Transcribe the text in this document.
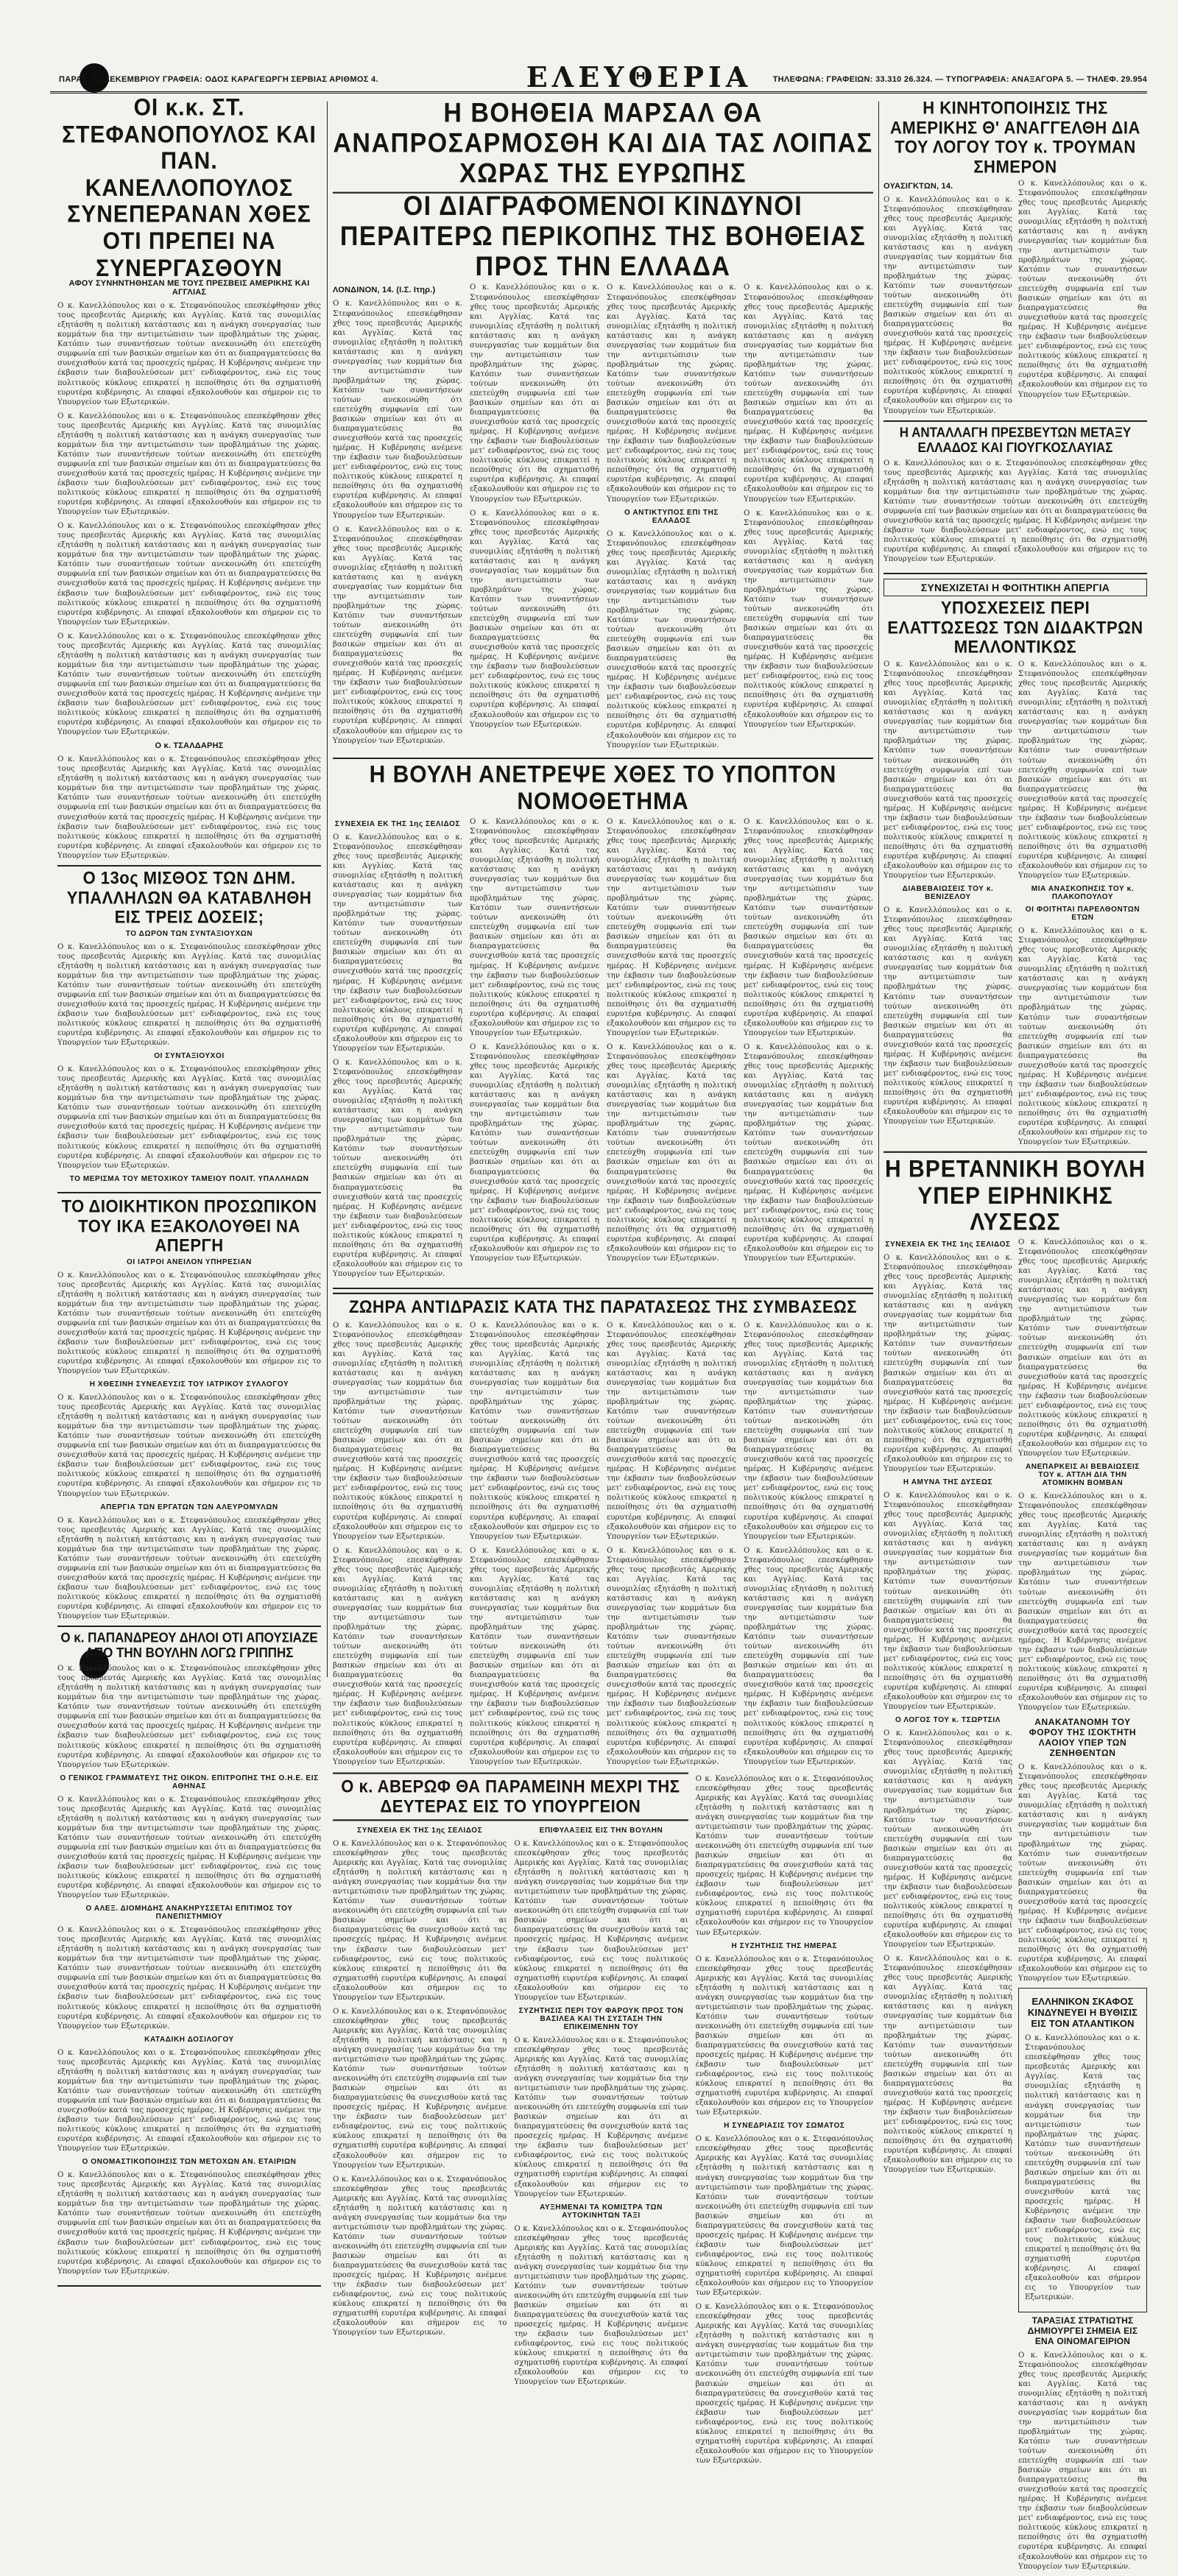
ΠΑΡΑΣ. 15 ΔΕΚΕΜΒΡΙΟΥ ΓΡΑΦΕΙΑ: ΟΔΟΣ ΚΑΡΑΓΕΩΡΓΗ ΣΕΡΒΙΑΣ ΑΡΙΘΜΟΣ 4.	ΕΛΕΥΘΕΡΙΑ	ΤΗΛΕΦΩΝΑ: ΓΡΑΦΕΙΩΝ: 33.310 26.324. — ΤΥΠΟΓΡΑΦΕΙΑ: ΑΝΑΞΑΓΟΡΑ 5. — ΤΗΛΕΦ. 29.954
ΟΙ κ.κ. ΣΤ. ΣΤΕΦΑΝΟΠΟΥΛΟΣ ΚΑΙ ΠΑΝ. ΚΑΝΕΛΛΟΠΟΥΛΟΣ ΣΥΝΕΠΕΡΑΝΑΝ ΧΘΕΣ ΟΤΙ ΠΡΕΠΕΙ ΝΑ ΣΥΝΕΡΓΑΣΘΟΥΝ
ΑΦΟΥ ΣΥΝΗΝΤΗΘΗΣΑΝ ΜΕ ΤΟΥΣ ΠΡΕΣΒΕΙΣ ΑΜΕΡΙΚΗΣ ΚΑΙ ΑΓΓΛΙΑΣ

Ο κ. Κανελλόπουλος και ο κ. Στεφανόπουλος επεσκέφθησαν χθες τους πρεσβευτάς Αμερικής και Αγγλίας. Κατά τας συνομιλίας εξητάσθη η πολιτική κατάστασις και η ανάγκη συνεργασίας των κομμάτων δια την αντιμετώπισιν των προβλημάτων της χώρας. Κατόπιν των συναντήσεων τούτων ανεκοινώθη ότι επετεύχθη συμφωνία επί των βασικών σημείων και ότι αι διαπραγματεύσεις θα συνεχισθούν κατά τας προσεχείς ημέρας. Η Κυβέρνησις ανέμενε την έκβασιν των διαβουλεύσεων μετ' ενδιαφέροντος, ενώ εις τους πολιτικούς κύκλους επικρατεί η πεποίθησις ότι θα σχηματισθή ευρυτέρα κυβέρνησις. Αι επαφαί εξακολουθούν και σήμερον εις το Υπουργείον των Εξωτερικών.

Ο κ. Κανελλόπουλος και ο κ. Στεφανόπουλος επεσκέφθησαν χθες τους πρεσβευτάς Αμερικής και Αγγλίας. Κατά τας συνομιλίας εξητάσθη η πολιτική κατάστασις και η ανάγκη συνεργασίας των κομμάτων δια την αντιμετώπισιν των προβλημάτων της χώρας. Κατόπιν των συναντήσεων τούτων ανεκοινώθη ότι επετεύχθη συμφωνία επί των βασικών σημείων και ότι αι διαπραγματεύσεις θα συνεχισθούν κατά τας προσεχείς ημέρας. Η Κυβέρνησις ανέμενε την έκβασιν των διαβουλεύσεων μετ' ενδιαφέροντος, ενώ εις τους πολιτικούς κύκλους επικρατεί η πεποίθησις ότι θα σχηματισθή ευρυτέρα κυβέρνησις. Αι επαφαί εξακολουθούν και σήμερον εις το Υπουργείον των Εξωτερικών.

Ο κ. Κανελλόπουλος και ο κ. Στεφανόπουλος επεσκέφθησαν χθες τους πρεσβευτάς Αμερικής και Αγγλίας. Κατά τας συνομιλίας εξητάσθη η πολιτική κατάστασις και η ανάγκη συνεργασίας των κομμάτων δια την αντιμετώπισιν των προβλημάτων της χώρας. Κατόπιν των συναντήσεων τούτων ανεκοινώθη ότι επετεύχθη συμφωνία επί των βασικών σημείων και ότι αι διαπραγματεύσεις θα συνεχισθούν κατά τας προσεχείς ημέρας. Η Κυβέρνησις ανέμενε την έκβασιν των διαβουλεύσεων μετ' ενδιαφέροντος, ενώ εις τους πολιτικούς κύκλους επικρατεί η πεποίθησις ότι θα σχηματισθή ευρυτέρα κυβέρνησις. Αι επαφαί εξακολουθούν και σήμερον εις το Υπουργείον των Εξωτερικών.

Ο κ. Κανελλόπουλος και ο κ. Στεφανόπουλος επεσκέφθησαν χθες τους πρεσβευτάς Αμερικής και Αγγλίας. Κατά τας συνομιλίας εξητάσθη η πολιτική κατάστασις και η ανάγκη συνεργασίας των κομμάτων δια την αντιμετώπισιν των προβλημάτων της χώρας. Κατόπιν των συναντήσεων τούτων ανεκοινώθη ότι επετεύχθη συμφωνία επί των βασικών σημείων και ότι αι διαπραγματεύσεις θα συνεχισθούν κατά τας προσεχείς ημέρας. Η Κυβέρνησις ανέμενε την έκβασιν των διαβουλεύσεων μετ' ενδιαφέροντος, ενώ εις τους πολιτικούς κύκλους επικρατεί η πεποίθησις ότι θα σχηματισθή ευρυτέρα κυβέρνησις. Αι επαφαί εξακολουθούν και σήμερον εις το Υπουργείον των Εξωτερικών.

Ο κ. ΤΣΑΛΔΑΡΗΣ

Ο κ. Κανελλόπουλος και ο κ. Στεφανόπουλος επεσκέφθησαν χθες τους πρεσβευτάς Αμερικής και Αγγλίας. Κατά τας συνομιλίας εξητάσθη η πολιτική κατάστασις και η ανάγκη συνεργασίας των κομμάτων δια την αντιμετώπισιν των προβλημάτων της χώρας. Κατόπιν των συναντήσεων τούτων ανεκοινώθη ότι επετεύχθη συμφωνία επί των βασικών σημείων και ότι αι διαπραγματεύσεις θα συνεχισθούν κατά τας προσεχείς ημέρας. Η Κυβέρνησις ανέμενε την έκβασιν των διαβουλεύσεων μετ' ενδιαφέροντος, ενώ εις τους πολιτικούς κύκλους επικρατεί η πεποίθησις ότι θα σχηματισθή ευρυτέρα κυβέρνησις. Αι επαφαί εξακολουθούν και σήμερον εις το Υπουργείον των Εξωτερικών.

Ο 13ος ΜΙΣΘΟΣ ΤΩΝ ΔΗΜ. ΥΠΑΛΛΗΛΩΝ ΘΑ ΚΑΤΑΒΛΗΘΗ ΕΙΣ ΤΡΕΙΣ ΔΟΣΕΙΣ;
ΤΟ ΔΩΡΟΝ ΤΩΝ ΣΥΝΤΑΞΙΟΥΧΩΝ

Ο κ. Κανελλόπουλος και ο κ. Στεφανόπουλος επεσκέφθησαν χθες τους πρεσβευτάς Αμερικής και Αγγλίας. Κατά τας συνομιλίας εξητάσθη η πολιτική κατάστασις και η ανάγκη συνεργασίας των κομμάτων δια την αντιμετώπισιν των προβλημάτων της χώρας. Κατόπιν των συναντήσεων τούτων ανεκοινώθη ότι επετεύχθη συμφωνία επί των βασικών σημείων και ότι αι διαπραγματεύσεις θα συνεχισθούν κατά τας προσεχείς ημέρας. Η Κυβέρνησις ανέμενε την έκβασιν των διαβουλεύσεων μετ' ενδιαφέροντος, ενώ εις τους πολιτικούς κύκλους επικρατεί η πεποίθησις ότι θα σχηματισθή ευρυτέρα κυβέρνησις. Αι επαφαί εξακολουθούν και σήμερον εις το Υπουργείον των Εξωτερικών.

ΟΙ ΣΥΝΤΑΞΙΟΥΧΟΙ

Ο κ. Κανελλόπουλος και ο κ. Στεφανόπουλος επεσκέφθησαν χθες τους πρεσβευτάς Αμερικής και Αγγλίας. Κατά τας συνομιλίας εξητάσθη η πολιτική κατάστασις και η ανάγκη συνεργασίας των κομμάτων δια την αντιμετώπισιν των προβλημάτων της χώρας. Κατόπιν των συναντήσεων τούτων ανεκοινώθη ότι επετεύχθη συμφωνία επί των βασικών σημείων και ότι αι διαπραγματεύσεις θα συνεχισθούν κατά τας προσεχείς ημέρας. Η Κυβέρνησις ανέμενε την έκβασιν των διαβουλεύσεων μετ' ενδιαφέροντος, ενώ εις τους πολιτικούς κύκλους επικρατεί η πεποίθησις ότι θα σχηματισθή ευρυτέρα κυβέρνησις. Αι επαφαί εξακολουθούν και σήμερον εις το Υπουργείον των Εξωτερικών.

ΤΟ ΜΕΡΙΣΜΑ ΤΟΥ ΜΕΤΟΧΙΚΟΥ ΤΑΜΕΙΟΥ ΠΟΛΙΤ. ΥΠΑΛΛΗΛΩΝ
ΤΟ ΔΙΟΙΚΗΤΙΚΟΝ ΠΡΟΣΩΠΙΚΟΝ ΤΟΥ ΙΚΑ ΕΞΑΚΟΛΟΥΘΕΙ ΝΑ ΑΠΕΡΓΗ
ΟΙ ΙΑΤΡΟΙ ΑΝΕΙΛΟΝ ΥΠΗΡΕΣΙΑΝ

Ο κ. Κανελλόπουλος και ο κ. Στεφανόπουλος επεσκέφθησαν χθες τους πρεσβευτάς Αμερικής και Αγγλίας. Κατά τας συνομιλίας εξητάσθη η πολιτική κατάστασις και η ανάγκη συνεργασίας των κομμάτων δια την αντιμετώπισιν των προβλημάτων της χώρας. Κατόπιν των συναντήσεων τούτων ανεκοινώθη ότι επετεύχθη συμφωνία επί των βασικών σημείων και ότι αι διαπραγματεύσεις θα συνεχισθούν κατά τας προσεχείς ημέρας. Η Κυβέρνησις ανέμενε την έκβασιν των διαβουλεύσεων μετ' ενδιαφέροντος, ενώ εις τους πολιτικούς κύκλους επικρατεί η πεποίθησις ότι θα σχηματισθή ευρυτέρα κυβέρνησις. Αι επαφαί εξακολουθούν και σήμερον εις το Υπουργείον των Εξωτερικών.

Η ΧΘΕΣΙΝΗ ΣΥΝΕΛΕΥΣΙΣ ΤΟΥ ΙΑΤΡΙΚΟΥ ΣΥΛΛΟΓΟΥ

Ο κ. Κανελλόπουλος και ο κ. Στεφανόπουλος επεσκέφθησαν χθες τους πρεσβευτάς Αμερικής και Αγγλίας. Κατά τας συνομιλίας εξητάσθη η πολιτική κατάστασις και η ανάγκη συνεργασίας των κομμάτων δια την αντιμετώπισιν των προβλημάτων της χώρας. Κατόπιν των συναντήσεων τούτων ανεκοινώθη ότι επετεύχθη συμφωνία επί των βασικών σημείων και ότι αι διαπραγματεύσεις θα συνεχισθούν κατά τας προσεχείς ημέρας. Η Κυβέρνησις ανέμενε την έκβασιν των διαβουλεύσεων μετ' ενδιαφέροντος, ενώ εις τους πολιτικούς κύκλους επικρατεί η πεποίθησις ότι θα σχηματισθή ευρυτέρα κυβέρνησις. Αι επαφαί εξακολουθούν και σήμερον εις το Υπουργείον των Εξωτερικών.

ΑΠΕΡΓΙΑ ΤΩΝ ΕΡΓΑΤΩΝ ΤΩΝ ΑΛΕΥΡΟΜΥΛΩΝ

Ο κ. Κανελλόπουλος και ο κ. Στεφανόπουλος επεσκέφθησαν χθες τους πρεσβευτάς Αμερικής και Αγγλίας. Κατά τας συνομιλίας εξητάσθη η πολιτική κατάστασις και η ανάγκη συνεργασίας των κομμάτων δια την αντιμετώπισιν των προβλημάτων της χώρας. Κατόπιν των συναντήσεων τούτων ανεκοινώθη ότι επετεύχθη συμφωνία επί των βασικών σημείων και ότι αι διαπραγματεύσεις θα συνεχισθούν κατά τας προσεχείς ημέρας. Η Κυβέρνησις ανέμενε την έκβασιν των διαβουλεύσεων μετ' ενδιαφέροντος, ενώ εις τους πολιτικούς κύκλους επικρατεί η πεποίθησις ότι θα σχηματισθή ευρυτέρα κυβέρνησις. Αι επαφαί εξακολουθούν και σήμερον εις το Υπουργείον των Εξωτερικών.

Ο κ. ΠΑΠΑΝΔΡΕΟΥ ΔΗΛΟΙ ΟΤΙ ΑΠΟΥΣΙΑΖΕ ΑΠΟ ΤΗΝ ΒΟΥΛΗΝ ΛΟΓΩ ΓΡΙΠΠΗΣ

Ο κ. Κανελλόπουλος και ο κ. Στεφανόπουλος επεσκέφθησαν χθες τους πρεσβευτάς Αμερικής και Αγγλίας. Κατά τας συνομιλίας εξητάσθη η πολιτική κατάστασις και η ανάγκη συνεργασίας των κομμάτων δια την αντιμετώπισιν των προβλημάτων της χώρας. Κατόπιν των συναντήσεων τούτων ανεκοινώθη ότι επετεύχθη συμφωνία επί των βασικών σημείων και ότι αι διαπραγματεύσεις θα συνεχισθούν κατά τας προσεχείς ημέρας. Η Κυβέρνησις ανέμενε την έκβασιν των διαβουλεύσεων μετ' ενδιαφέροντος, ενώ εις τους πολιτικούς κύκλους επικρατεί η πεποίθησις ότι θα σχηματισθή ευρυτέρα κυβέρνησις. Αι επαφαί εξακολουθούν και σήμερον εις το Υπουργείον των Εξωτερικών.

Ο ΓΕΝΙΚΟΣ ΓΡΑΜΜΑΤΕΥΣ ΤΗΣ ΟΙΚΟΝ. ΕΠΙΤΡΟΠΗΣ ΤΗΣ Ο.Η.Ε. ΕΙΣ ΑΘΗΝΑΣ

Ο κ. Κανελλόπουλος και ο κ. Στεφανόπουλος επεσκέφθησαν χθες τους πρεσβευτάς Αμερικής και Αγγλίας. Κατά τας συνομιλίας εξητάσθη η πολιτική κατάστασις και η ανάγκη συνεργασίας των κομμάτων δια την αντιμετώπισιν των προβλημάτων της χώρας. Κατόπιν των συναντήσεων τούτων ανεκοινώθη ότι επετεύχθη συμφωνία επί των βασικών σημείων και ότι αι διαπραγματεύσεις θα συνεχισθούν κατά τας προσεχείς ημέρας. Η Κυβέρνησις ανέμενε την έκβασιν των διαβουλεύσεων μετ' ενδιαφέροντος, ενώ εις τους πολιτικούς κύκλους επικρατεί η πεποίθησις ότι θα σχηματισθή ευρυτέρα κυβέρνησις. Αι επαφαί εξακολουθούν και σήμερον εις το Υπουργείον των Εξωτερικών.

Ο ΑΛΕΞ. ΔΙΟΜΗΔΗΣ ΑΝΑΚΗΡΥΣΣΕΤΑΙ ΕΠΙΤΙΜΟΣ ΤΟΥ ΠΑΝΕΠΙΣΤΗΜΙΟΥ

Ο κ. Κανελλόπουλος και ο κ. Στεφανόπουλος επεσκέφθησαν χθες τους πρεσβευτάς Αμερικής και Αγγλίας. Κατά τας συνομιλίας εξητάσθη η πολιτική κατάστασις και η ανάγκη συνεργασίας των κομμάτων δια την αντιμετώπισιν των προβλημάτων της χώρας. Κατόπιν των συναντήσεων τούτων ανεκοινώθη ότι επετεύχθη συμφωνία επί των βασικών σημείων και ότι αι διαπραγματεύσεις θα συνεχισθούν κατά τας προσεχείς ημέρας. Η Κυβέρνησις ανέμενε την έκβασιν των διαβουλεύσεων μετ' ενδιαφέροντος, ενώ εις τους πολιτικούς κύκλους επικρατεί η πεποίθησις ότι θα σχηματισθή ευρυτέρα κυβέρνησις. Αι επαφαί εξακολουθούν και σήμερον εις το Υπουργείον των Εξωτερικών.

ΚΑΤΑΔΙΚΗ ΔΟΣΙΛΟΓΟΥ

Ο κ. Κανελλόπουλος και ο κ. Στεφανόπουλος επεσκέφθησαν χθες τους πρεσβευτάς Αμερικής και Αγγλίας. Κατά τας συνομιλίας εξητάσθη η πολιτική κατάστασις και η ανάγκη συνεργασίας των κομμάτων δια την αντιμετώπισιν των προβλημάτων της χώρας. Κατόπιν των συναντήσεων τούτων ανεκοινώθη ότι επετεύχθη συμφωνία επί των βασικών σημείων και ότι αι διαπραγματεύσεις θα συνεχισθούν κατά τας προσεχείς ημέρας. Η Κυβέρνησις ανέμενε την έκβασιν των διαβουλεύσεων μετ' ενδιαφέροντος, ενώ εις τους πολιτικούς κύκλους επικρατεί η πεποίθησις ότι θα σχηματισθή ευρυτέρα κυβέρνησις. Αι επαφαί εξακολουθούν και σήμερον εις το Υπουργείον των Εξωτερικών.

Ο ΟΝΟΜΑΣΤΙΚΟΠΟΙΗΣΙΣ ΤΩΝ ΜΕΤΟΧΩΝ ΑΝ. ΕΤΑΙΡΙΩΝ

Ο κ. Κανελλόπουλος και ο κ. Στεφανόπουλος επεσκέφθησαν χθες τους πρεσβευτάς Αμερικής και Αγγλίας. Κατά τας συνομιλίας εξητάσθη η πολιτική κατάστασις και η ανάγκη συνεργασίας των κομμάτων δια την αντιμετώπισιν των προβλημάτων της χώρας. Κατόπιν των συναντήσεων τούτων ανεκοινώθη ότι επετεύχθη συμφωνία επί των βασικών σημείων και ότι αι διαπραγματεύσεις θα συνεχισθούν κατά τας προσεχείς ημέρας. Η Κυβέρνησις ανέμενε την έκβασιν των διαβουλεύσεων μετ' ενδιαφέροντος, ενώ εις τους πολιτικούς κύκλους επικρατεί η πεποίθησις ότι θα σχηματισθή ευρυτέρα κυβέρνησις. Αι επαφαί εξακολουθούν και σήμερον εις το Υπουργείον των Εξωτερικών.

Η ΒΟΗΘΕΙΑ ΜΑΡΣΑΛ ΘΑ ΑΝΑΠΡΟΣΑΡΜΟΣΘΗ ΚΑΙ ΔΙΑ ΤΑΣ ΛΟΙΠΑΣ ΧΩΡΑΣ ΤΗΣ ΕΥΡΩΠΗΣ
ΟΙ ΔΙΑΓΡΑΦΟΜΕΝΟΙ ΚΙΝΔΥΝΟΙ ΠΕΡΑΙΤΕΡΩ ΠΕΡΙΚΟΠΗΣ ΤΗΣ ΒΟΗΘΕΙΑΣ ΠΡΟΣ ΤΗΝ ΕΛΛΑΔΑ
ΛΟΝΔΙΝΟΝ, 14. (Ι.Σ. Ιτηρ.)

Ο κ. Κανελλόπουλος και ο κ. Στεφανόπουλος επεσκέφθησαν χθες τους πρεσβευτάς Αμερικής και Αγγλίας. Κατά τας συνομιλίας εξητάσθη η πολιτική κατάστασις και η ανάγκη συνεργασίας των κομμάτων δια την αντιμετώπισιν των προβλημάτων της χώρας. Κατόπιν των συναντήσεων τούτων ανεκοινώθη ότι επετεύχθη συμφωνία επί των βασικών σημείων και ότι αι διαπραγματεύσεις θα συνεχισθούν κατά τας προσεχείς ημέρας. Η Κυβέρνησις ανέμενε την έκβασιν των διαβουλεύσεων μετ' ενδιαφέροντος, ενώ εις τους πολιτικούς κύκλους επικρατεί η πεποίθησις ότι θα σχηματισθή ευρυτέρα κυβέρνησις. Αι επαφαί εξακολουθούν και σήμερον εις το Υπουργείον των Εξωτερικών.

Ο κ. Κανελλόπουλος και ο κ. Στεφανόπουλος επεσκέφθησαν χθες τους πρεσβευτάς Αμερικής και Αγγλίας. Κατά τας συνομιλίας εξητάσθη η πολιτική κατάστασις και η ανάγκη συνεργασίας των κομμάτων δια την αντιμετώπισιν των προβλημάτων της χώρας. Κατόπιν των συναντήσεων τούτων ανεκοινώθη ότι επετεύχθη συμφωνία επί των βασικών σημείων και ότι αι διαπραγματεύσεις θα συνεχισθούν κατά τας προσεχείς ημέρας. Η Κυβέρνησις ανέμενε την έκβασιν των διαβουλεύσεων μετ' ενδιαφέροντος, ενώ εις τους πολιτικούς κύκλους επικρατεί η πεποίθησις ότι θα σχηματισθή ευρυτέρα κυβέρνησις. Αι επαφαί εξακολουθούν και σήμερον εις το Υπουργείον των Εξωτερικών.

Ο κ. Κανελλόπουλος και ο κ. Στεφανόπουλος επεσκέφθησαν χθες τους πρεσβευτάς Αμερικής και Αγγλίας. Κατά τας συνομιλίας εξητάσθη η πολιτική κατάστασις και η ανάγκη συνεργασίας των κομμάτων δια την αντιμετώπισιν των προβλημάτων της χώρας. Κατόπιν των συναντήσεων τούτων ανεκοινώθη ότι επετεύχθη συμφωνία επί των βασικών σημείων και ότι αι διαπραγματεύσεις θα συνεχισθούν κατά τας προσεχείς ημέρας. Η Κυβέρνησις ανέμενε την έκβασιν των διαβουλεύσεων μετ' ενδιαφέροντος, ενώ εις τους πολιτικούς κύκλους επικρατεί η πεποίθησις ότι θα σχηματισθή ευρυτέρα κυβέρνησις. Αι επαφαί εξακολουθούν και σήμερον εις το Υπουργείον των Εξωτερικών.

Ο κ. Κανελλόπουλος και ο κ. Στεφανόπουλος επεσκέφθησαν χθες τους πρεσβευτάς Αμερικής και Αγγλίας. Κατά τας συνομιλίας εξητάσθη η πολιτική κατάστασις και η ανάγκη συνεργασίας των κομμάτων δια την αντιμετώπισιν των προβλημάτων της χώρας. Κατόπιν των συναντήσεων τούτων ανεκοινώθη ότι επετεύχθη συμφωνία επί των βασικών σημείων και ότι αι διαπραγματεύσεις θα συνεχισθούν κατά τας προσεχείς ημέρας. Η Κυβέρνησις ανέμενε την έκβασιν των διαβουλεύσεων μετ' ενδιαφέροντος, ενώ εις τους πολιτικούς κύκλους επικρατεί η πεποίθησις ότι θα σχηματισθή ευρυτέρα κυβέρνησις. Αι επαφαί εξακολουθούν και σήμερον εις το Υπουργείον των Εξωτερικών.

Ο κ. Κανελλόπουλος και ο κ. Στεφανόπουλος επεσκέφθησαν χθες τους πρεσβευτάς Αμερικής και Αγγλίας. Κατά τας συνομιλίας εξητάσθη η πολιτική κατάστασις και η ανάγκη συνεργασίας των κομμάτων δια την αντιμετώπισιν των προβλημάτων της χώρας. Κατόπιν των συναντήσεων τούτων ανεκοινώθη ότι επετεύχθη συμφωνία επί των βασικών σημείων και ότι αι διαπραγματεύσεις θα συνεχισθούν κατά τας προσεχείς ημέρας. Η Κυβέρνησις ανέμενε την έκβασιν των διαβουλεύσεων μετ' ενδιαφέροντος, ενώ εις τους πολιτικούς κύκλους επικρατεί η πεποίθησις ότι θα σχηματισθή ευρυτέρα κυβέρνησις. Αι επαφαί εξακολουθούν και σήμερον εις το Υπουργείον των Εξωτερικών.

Ο ΑΝΤΙΚΤΥΠΟΣ ΕΠΙ ΤΗΣ ΕΛΛΑΔΟΣ

Ο κ. Κανελλόπουλος και ο κ. Στεφανόπουλος επεσκέφθησαν χθες τους πρεσβευτάς Αμερικής και Αγγλίας. Κατά τας συνομιλίας εξητάσθη η πολιτική κατάστασις και η ανάγκη συνεργασίας των κομμάτων δια την αντιμετώπισιν των προβλημάτων της χώρας. Κατόπιν των συναντήσεων τούτων ανεκοινώθη ότι επετεύχθη συμφωνία επί των βασικών σημείων και ότι αι διαπραγματεύσεις θα συνεχισθούν κατά τας προσεχείς ημέρας. Η Κυβέρνησις ανέμενε την έκβασιν των διαβουλεύσεων μετ' ενδιαφέροντος, ενώ εις τους πολιτικούς κύκλους επικρατεί η πεποίθησις ότι θα σχηματισθή ευρυτέρα κυβέρνησις. Αι επαφαί εξακολουθούν και σήμερον εις το Υπουργείον των Εξωτερικών.

Ο κ. Κανελλόπουλος και ο κ. Στεφανόπουλος επεσκέφθησαν χθες τους πρεσβευτάς Αμερικής και Αγγλίας. Κατά τας συνομιλίας εξητάσθη η πολιτική κατάστασις και η ανάγκη συνεργασίας των κομμάτων δια την αντιμετώπισιν των προβλημάτων της χώρας. Κατόπιν των συναντήσεων τούτων ανεκοινώθη ότι επετεύχθη συμφωνία επί των βασικών σημείων και ότι αι διαπραγματεύσεις θα συνεχισθούν κατά τας προσεχείς ημέρας. Η Κυβέρνησις ανέμενε την έκβασιν των διαβουλεύσεων μετ' ενδιαφέροντος, ενώ εις τους πολιτικούς κύκλους επικρατεί η πεποίθησις ότι θα σχηματισθή ευρυτέρα κυβέρνησις. Αι επαφαί εξακολουθούν και σήμερον εις το Υπουργείον των Εξωτερικών.

Ο κ. Κανελλόπουλος και ο κ. Στεφανόπουλος επεσκέφθησαν χθες τους πρεσβευτάς Αμερικής και Αγγλίας. Κατά τας συνομιλίας εξητάσθη η πολιτική κατάστασις και η ανάγκη συνεργασίας των κομμάτων δια την αντιμετώπισιν των προβλημάτων της χώρας. Κατόπιν των συναντήσεων τούτων ανεκοινώθη ότι επετεύχθη συμφωνία επί των βασικών σημείων και ότι αι διαπραγματεύσεις θα συνεχισθούν κατά τας προσεχείς ημέρας. Η Κυβέρνησις ανέμενε την έκβασιν των διαβουλεύσεων μετ' ενδιαφέροντος, ενώ εις τους πολιτικούς κύκλους επικρατεί η πεποίθησις ότι θα σχηματισθή ευρυτέρα κυβέρνησις. Αι επαφαί εξακολουθούν και σήμερον εις το Υπουργείον των Εξωτερικών.

Η ΒΟΥΛΗ ΑΝΕΤΡΕΨΕ ΧΘΕΣ ΤΟ ΥΠΟΠΤΟΝ ΝΟΜΟΘΕΤΗΜΑ
ΣΥΝΕΧΕΙΑ ΕΚ ΤΗΣ 1ης ΣΕΛΙΔΟΣ

Ο κ. Κανελλόπουλος και ο κ. Στεφανόπουλος επεσκέφθησαν χθες τους πρεσβευτάς Αμερικής και Αγγλίας. Κατά τας συνομιλίας εξητάσθη η πολιτική κατάστασις και η ανάγκη συνεργασίας των κομμάτων δια την αντιμετώπισιν των προβλημάτων της χώρας. Κατόπιν των συναντήσεων τούτων ανεκοινώθη ότι επετεύχθη συμφωνία επί των βασικών σημείων και ότι αι διαπραγματεύσεις θα συνεχισθούν κατά τας προσεχείς ημέρας. Η Κυβέρνησις ανέμενε την έκβασιν των διαβουλεύσεων μετ' ενδιαφέροντος, ενώ εις τους πολιτικούς κύκλους επικρατεί η πεποίθησις ότι θα σχηματισθή ευρυτέρα κυβέρνησις. Αι επαφαί εξακολουθούν και σήμερον εις το Υπουργείον των Εξωτερικών.

Ο κ. Κανελλόπουλος και ο κ. Στεφανόπουλος επεσκέφθησαν χθες τους πρεσβευτάς Αμερικής και Αγγλίας. Κατά τας συνομιλίας εξητάσθη η πολιτική κατάστασις και η ανάγκη συνεργασίας των κομμάτων δια την αντιμετώπισιν των προβλημάτων της χώρας. Κατόπιν των συναντήσεων τούτων ανεκοινώθη ότι επετεύχθη συμφωνία επί των βασικών σημείων και ότι αι διαπραγματεύσεις θα συνεχισθούν κατά τας προσεχείς ημέρας. Η Κυβέρνησις ανέμενε την έκβασιν των διαβουλεύσεων μετ' ενδιαφέροντος, ενώ εις τους πολιτικούς κύκλους επικρατεί η πεποίθησις ότι θα σχηματισθή ευρυτέρα κυβέρνησις. Αι επαφαί εξακολουθούν και σήμερον εις το Υπουργείον των Εξωτερικών.

Ο κ. Κανελλόπουλος και ο κ. Στεφανόπουλος επεσκέφθησαν χθες τους πρεσβευτάς Αμερικής και Αγγλίας. Κατά τας συνομιλίας εξητάσθη η πολιτική κατάστασις και η ανάγκη συνεργασίας των κομμάτων δια την αντιμετώπισιν των προβλημάτων της χώρας. Κατόπιν των συναντήσεων τούτων ανεκοινώθη ότι επετεύχθη συμφωνία επί των βασικών σημείων και ότι αι διαπραγματεύσεις θα συνεχισθούν κατά τας προσεχείς ημέρας. Η Κυβέρνησις ανέμενε την έκβασιν των διαβουλεύσεων μετ' ενδιαφέροντος, ενώ εις τους πολιτικούς κύκλους επικρατεί η πεποίθησις ότι θα σχηματισθή ευρυτέρα κυβέρνησις. Αι επαφαί εξακολουθούν και σήμερον εις το Υπουργείον των Εξωτερικών.

Ο κ. Κανελλόπουλος και ο κ. Στεφανόπουλος επεσκέφθησαν χθες τους πρεσβευτάς Αμερικής και Αγγλίας. Κατά τας συνομιλίας εξητάσθη η πολιτική κατάστασις και η ανάγκη συνεργασίας των κομμάτων δια την αντιμετώπισιν των προβλημάτων της χώρας. Κατόπιν των συναντήσεων τούτων ανεκοινώθη ότι επετεύχθη συμφωνία επί των βασικών σημείων και ότι αι διαπραγματεύσεις θα συνεχισθούν κατά τας προσεχείς ημέρας. Η Κυβέρνησις ανέμενε την έκβασιν των διαβουλεύσεων μετ' ενδιαφέροντος, ενώ εις τους πολιτικούς κύκλους επικρατεί η πεποίθησις ότι θα σχηματισθή ευρυτέρα κυβέρνησις. Αι επαφαί εξακολουθούν και σήμερον εις το Υπουργείον των Εξωτερικών.

Ο κ. Κανελλόπουλος και ο κ. Στεφανόπουλος επεσκέφθησαν χθες τους πρεσβευτάς Αμερικής και Αγγλίας. Κατά τας συνομιλίας εξητάσθη η πολιτική κατάστασις και η ανάγκη συνεργασίας των κομμάτων δια την αντιμετώπισιν των προβλημάτων της χώρας. Κατόπιν των συναντήσεων τούτων ανεκοινώθη ότι επετεύχθη συμφωνία επί των βασικών σημείων και ότι αι διαπραγματεύσεις θα συνεχισθούν κατά τας προσεχείς ημέρας. Η Κυβέρνησις ανέμενε την έκβασιν των διαβουλεύσεων μετ' ενδιαφέροντος, ενώ εις τους πολιτικούς κύκλους επικρατεί η πεποίθησις ότι θα σχηματισθή ευρυτέρα κυβέρνησις. Αι επαφαί εξακολουθούν και σήμερον εις το Υπουργείον των Εξωτερικών.

Ο κ. Κανελλόπουλος και ο κ. Στεφανόπουλος επεσκέφθησαν χθες τους πρεσβευτάς Αμερικής και Αγγλίας. Κατά τας συνομιλίας εξητάσθη η πολιτική κατάστασις και η ανάγκη συνεργασίας των κομμάτων δια την αντιμετώπισιν των προβλημάτων της χώρας. Κατόπιν των συναντήσεων τούτων ανεκοινώθη ότι επετεύχθη συμφωνία επί των βασικών σημείων και ότι αι διαπραγματεύσεις θα συνεχισθούν κατά τας προσεχείς ημέρας. Η Κυβέρνησις ανέμενε την έκβασιν των διαβουλεύσεων μετ' ενδιαφέροντος, ενώ εις τους πολιτικούς κύκλους επικρατεί η πεποίθησις ότι θα σχηματισθή ευρυτέρα κυβέρνησις. Αι επαφαί εξακολουθούν και σήμερον εις το Υπουργείον των Εξωτερικών.

Ο κ. Κανελλόπουλος και ο κ. Στεφανόπουλος επεσκέφθησαν χθες τους πρεσβευτάς Αμερικής και Αγγλίας. Κατά τας συνομιλίας εξητάσθη η πολιτική κατάστασις και η ανάγκη συνεργασίας των κομμάτων δια την αντιμετώπισιν των προβλημάτων της χώρας. Κατόπιν των συναντήσεων τούτων ανεκοινώθη ότι επετεύχθη συμφωνία επί των βασικών σημείων και ότι αι διαπραγματεύσεις θα συνεχισθούν κατά τας προσεχείς ημέρας. Η Κυβέρνησις ανέμενε την έκβασιν των διαβουλεύσεων μετ' ενδιαφέροντος, ενώ εις τους πολιτικούς κύκλους επικρατεί η πεποίθησις ότι θα σχηματισθή ευρυτέρα κυβέρνησις. Αι επαφαί εξακολουθούν και σήμερον εις το Υπουργείον των Εξωτερικών.

Ο κ. Κανελλόπουλος και ο κ. Στεφανόπουλος επεσκέφθησαν χθες τους πρεσβευτάς Αμερικής και Αγγλίας. Κατά τας συνομιλίας εξητάσθη η πολιτική κατάστασις και η ανάγκη συνεργασίας των κομμάτων δια την αντιμετώπισιν των προβλημάτων της χώρας. Κατόπιν των συναντήσεων τούτων ανεκοινώθη ότι επετεύχθη συμφωνία επί των βασικών σημείων και ότι αι διαπραγματεύσεις θα συνεχισθούν κατά τας προσεχείς ημέρας. Η Κυβέρνησις ανέμενε την έκβασιν των διαβουλεύσεων μετ' ενδιαφέροντος, ενώ εις τους πολιτικούς κύκλους επικρατεί η πεποίθησις ότι θα σχηματισθή ευρυτέρα κυβέρνησις. Αι επαφαί εξακολουθούν και σήμερον εις το Υπουργείον των Εξωτερικών.

ΖΩΗΡΑ ΑΝΤΙΔΡΑΣΙΣ ΚΑΤΑ ΤΗΣ ΠΑΡΑΤΑΣΕΩΣ ΤΗΣ ΣΥΜΒΑΣΕΩΣ

Ο κ. Κανελλόπουλος και ο κ. Στεφανόπουλος επεσκέφθησαν χθες τους πρεσβευτάς Αμερικής και Αγγλίας. Κατά τας συνομιλίας εξητάσθη η πολιτική κατάστασις και η ανάγκη συνεργασίας των κομμάτων δια την αντιμετώπισιν των προβλημάτων της χώρας. Κατόπιν των συναντήσεων τούτων ανεκοινώθη ότι επετεύχθη συμφωνία επί των βασικών σημείων και ότι αι διαπραγματεύσεις θα συνεχισθούν κατά τας προσεχείς ημέρας. Η Κυβέρνησις ανέμενε την έκβασιν των διαβουλεύσεων μετ' ενδιαφέροντος, ενώ εις τους πολιτικούς κύκλους επικρατεί η πεποίθησις ότι θα σχηματισθή ευρυτέρα κυβέρνησις. Αι επαφαί εξακολουθούν και σήμερον εις το Υπουργείον των Εξωτερικών.

Ο κ. Κανελλόπουλος και ο κ. Στεφανόπουλος επεσκέφθησαν χθες τους πρεσβευτάς Αμερικής και Αγγλίας. Κατά τας συνομιλίας εξητάσθη η πολιτική κατάστασις και η ανάγκη συνεργασίας των κομμάτων δια την αντιμετώπισιν των προβλημάτων της χώρας. Κατόπιν των συναντήσεων τούτων ανεκοινώθη ότι επετεύχθη συμφωνία επί των βασικών σημείων και ότι αι διαπραγματεύσεις θα συνεχισθούν κατά τας προσεχείς ημέρας. Η Κυβέρνησις ανέμενε την έκβασιν των διαβουλεύσεων μετ' ενδιαφέροντος, ενώ εις τους πολιτικούς κύκλους επικρατεί η πεποίθησις ότι θα σχηματισθή ευρυτέρα κυβέρνησις. Αι επαφαί εξακολουθούν και σήμερον εις το Υπουργείον των Εξωτερικών.

Ο κ. Κανελλόπουλος και ο κ. Στεφανόπουλος επεσκέφθησαν χθες τους πρεσβευτάς Αμερικής και Αγγλίας. Κατά τας συνομιλίας εξητάσθη η πολιτική κατάστασις και η ανάγκη συνεργασίας των κομμάτων δια την αντιμετώπισιν των προβλημάτων της χώρας. Κατόπιν των συναντήσεων τούτων ανεκοινώθη ότι επετεύχθη συμφωνία επί των βασικών σημείων και ότι αι διαπραγματεύσεις θα συνεχισθούν κατά τας προσεχείς ημέρας. Η Κυβέρνησις ανέμενε την έκβασιν των διαβουλεύσεων μετ' ενδιαφέροντος, ενώ εις τους πολιτικούς κύκλους επικρατεί η πεποίθησις ότι θα σχηματισθή ευρυτέρα κυβέρνησις. Αι επαφαί εξακολουθούν και σήμερον εις το Υπουργείον των Εξωτερικών.

Ο κ. Κανελλόπουλος και ο κ. Στεφανόπουλος επεσκέφθησαν χθες τους πρεσβευτάς Αμερικής και Αγγλίας. Κατά τας συνομιλίας εξητάσθη η πολιτική κατάστασις και η ανάγκη συνεργασίας των κομμάτων δια την αντιμετώπισιν των προβλημάτων της χώρας. Κατόπιν των συναντήσεων τούτων ανεκοινώθη ότι επετεύχθη συμφωνία επί των βασικών σημείων και ότι αι διαπραγματεύσεις θα συνεχισθούν κατά τας προσεχείς ημέρας. Η Κυβέρνησις ανέμενε την έκβασιν των διαβουλεύσεων μετ' ενδιαφέροντος, ενώ εις τους πολιτικούς κύκλους επικρατεί η πεποίθησις ότι θα σχηματισθή ευρυτέρα κυβέρνησις. Αι επαφαί εξακολουθούν και σήμερον εις το Υπουργείον των Εξωτερικών.

Ο κ. Κανελλόπουλος και ο κ. Στεφανόπουλος επεσκέφθησαν χθες τους πρεσβευτάς Αμερικής και Αγγλίας. Κατά τας συνομιλίας εξητάσθη η πολιτική κατάστασις και η ανάγκη συνεργασίας των κομμάτων δια την αντιμετώπισιν των προβλημάτων της χώρας. Κατόπιν των συναντήσεων τούτων ανεκοινώθη ότι επετεύχθη συμφωνία επί των βασικών σημείων και ότι αι διαπραγματεύσεις θα συνεχισθούν κατά τας προσεχείς ημέρας. Η Κυβέρνησις ανέμενε την έκβασιν των διαβουλεύσεων μετ' ενδιαφέροντος, ενώ εις τους πολιτικούς κύκλους επικρατεί η πεποίθησις ότι θα σχηματισθή ευρυτέρα κυβέρνησις. Αι επαφαί εξακολουθούν και σήμερον εις το Υπουργείον των Εξωτερικών.

Ο κ. Κανελλόπουλος και ο κ. Στεφανόπουλος επεσκέφθησαν χθες τους πρεσβευτάς Αμερικής και Αγγλίας. Κατά τας συνομιλίας εξητάσθη η πολιτική κατάστασις και η ανάγκη συνεργασίας των κομμάτων δια την αντιμετώπισιν των προβλημάτων της χώρας. Κατόπιν των συναντήσεων τούτων ανεκοινώθη ότι επετεύχθη συμφωνία επί των βασικών σημείων και ότι αι διαπραγματεύσεις θα συνεχισθούν κατά τας προσεχείς ημέρας. Η Κυβέρνησις ανέμενε την έκβασιν των διαβουλεύσεων μετ' ενδιαφέροντος, ενώ εις τους πολιτικούς κύκλους επικρατεί η πεποίθησις ότι θα σχηματισθή ευρυτέρα κυβέρνησις. Αι επαφαί εξακολουθούν και σήμερον εις το Υπουργείον των Εξωτερικών.

Ο κ. Κανελλόπουλος και ο κ. Στεφανόπουλος επεσκέφθησαν χθες τους πρεσβευτάς Αμερικής και Αγγλίας. Κατά τας συνομιλίας εξητάσθη η πολιτική κατάστασις και η ανάγκη συνεργασίας των κομμάτων δια την αντιμετώπισιν των προβλημάτων της χώρας. Κατόπιν των συναντήσεων τούτων ανεκοινώθη ότι επετεύχθη συμφωνία επί των βασικών σημείων και ότι αι διαπραγματεύσεις θα συνεχισθούν κατά τας προσεχείς ημέρας. Η Κυβέρνησις ανέμενε την έκβασιν των διαβουλεύσεων μετ' ενδιαφέροντος, ενώ εις τους πολιτικούς κύκλους επικρατεί η πεποίθησις ότι θα σχηματισθή ευρυτέρα κυβέρνησις. Αι επαφαί εξακολουθούν και σήμερον εις το Υπουργείον των Εξωτερικών.

Ο κ. Κανελλόπουλος και ο κ. Στεφανόπουλος επεσκέφθησαν χθες τους πρεσβευτάς Αμερικής και Αγγλίας. Κατά τας συνομιλίας εξητάσθη η πολιτική κατάστασις και η ανάγκη συνεργασίας των κομμάτων δια την αντιμετώπισιν των προβλημάτων της χώρας. Κατόπιν των συναντήσεων τούτων ανεκοινώθη ότι επετεύχθη συμφωνία επί των βασικών σημείων και ότι αι διαπραγματεύσεις θα συνεχισθούν κατά τας προσεχείς ημέρας. Η Κυβέρνησις ανέμενε την έκβασιν των διαβουλεύσεων μετ' ενδιαφέροντος, ενώ εις τους πολιτικούς κύκλους επικρατεί η πεποίθησις ότι θα σχηματισθή ευρυτέρα κυβέρνησις. Αι επαφαί εξακολουθούν και σήμερον εις το Υπουργείον των Εξωτερικών.

Ο κ. ΑΒΕΡΩΦ ΘΑ ΠΑΡΑΜΕΙΝΗ ΜΕΧΡΙ ΤΗΣ ΔΕΥΤΕΡΑΣ ΕΙΣ ΤΟ ΥΠΟΥΡΓΕΙΟΝ
ΣΥΝΕΧΕΙΑ ΕΚ ΤΗΣ 1ης ΣΕΛΙΔΟΣ

Ο κ. Κανελλόπουλος και ο κ. Στεφανόπουλος επεσκέφθησαν χθες τους πρεσβευτάς Αμερικής και Αγγλίας. Κατά τας συνομιλίας εξητάσθη η πολιτική κατάστασις και η ανάγκη συνεργασίας των κομμάτων δια την αντιμετώπισιν των προβλημάτων της χώρας. Κατόπιν των συναντήσεων τούτων ανεκοινώθη ότι επετεύχθη συμφωνία επί των βασικών σημείων και ότι αι διαπραγματεύσεις θα συνεχισθούν κατά τας προσεχείς ημέρας. Η Κυβέρνησις ανέμενε την έκβασιν των διαβουλεύσεων μετ' ενδιαφέροντος, ενώ εις τους πολιτικούς κύκλους επικρατεί η πεποίθησις ότι θα σχηματισθή ευρυτέρα κυβέρνησις. Αι επαφαί εξακολουθούν και σήμερον εις το Υπουργείον των Εξωτερικών.

Ο κ. Κανελλόπουλος και ο κ. Στεφανόπουλος επεσκέφθησαν χθες τους πρεσβευτάς Αμερικής και Αγγλίας. Κατά τας συνομιλίας εξητάσθη η πολιτική κατάστασις και η ανάγκη συνεργασίας των κομμάτων δια την αντιμετώπισιν των προβλημάτων της χώρας. Κατόπιν των συναντήσεων τούτων ανεκοινώθη ότι επετεύχθη συμφωνία επί των βασικών σημείων και ότι αι διαπραγματεύσεις θα συνεχισθούν κατά τας προσεχείς ημέρας. Η Κυβέρνησις ανέμενε την έκβασιν των διαβουλεύσεων μετ' ενδιαφέροντος, ενώ εις τους πολιτικούς κύκλους επικρατεί η πεποίθησις ότι θα σχηματισθή ευρυτέρα κυβέρνησις. Αι επαφαί εξακολουθούν και σήμερον εις το Υπουργείον των Εξωτερικών.

Ο κ. Κανελλόπουλος και ο κ. Στεφανόπουλος επεσκέφθησαν χθες τους πρεσβευτάς Αμερικής και Αγγλίας. Κατά τας συνομιλίας εξητάσθη η πολιτική κατάστασις και η ανάγκη συνεργασίας των κομμάτων δια την αντιμετώπισιν των προβλημάτων της χώρας. Κατόπιν των συναντήσεων τούτων ανεκοινώθη ότι επετεύχθη συμφωνία επί των βασικών σημείων και ότι αι διαπραγματεύσεις θα συνεχισθούν κατά τας προσεχείς ημέρας. Η Κυβέρνησις ανέμενε την έκβασιν των διαβουλεύσεων μετ' ενδιαφέροντος, ενώ εις τους πολιτικούς κύκλους επικρατεί η πεποίθησις ότι θα σχηματισθή ευρυτέρα κυβέρνησις. Αι επαφαί εξακολουθούν και σήμερον εις το Υπουργείον των Εξωτερικών.

ΕΠΙΦΥΛΑΞΕΙΣ ΕΙΣ ΤΗΝ ΒΟΥΛΗΝ

Ο κ. Κανελλόπουλος και ο κ. Στεφανόπουλος επεσκέφθησαν χθες τους πρεσβευτάς Αμερικής και Αγγλίας. Κατά τας συνομιλίας εξητάσθη η πολιτική κατάστασις και η ανάγκη συνεργασίας των κομμάτων δια την αντιμετώπισιν των προβλημάτων της χώρας. Κατόπιν των συναντήσεων τούτων ανεκοινώθη ότι επετεύχθη συμφωνία επί των βασικών σημείων και ότι αι διαπραγματεύσεις θα συνεχισθούν κατά τας προσεχείς ημέρας. Η Κυβέρνησις ανέμενε την έκβασιν των διαβουλεύσεων μετ' ενδιαφέροντος, ενώ εις τους πολιτικούς κύκλους επικρατεί η πεποίθησις ότι θα σχηματισθή ευρυτέρα κυβέρνησις. Αι επαφαί εξακολουθούν και σήμερον εις το Υπουργείον των Εξωτερικών.

ΣΥΖΗΤΗΣΙΣ ΠΕΡΙ ΤΟΥ ΦΑΡΟΥΚ ΠΡΟΣ ΤΟΝ ΒΑΣΙΛΕΑ ΚΑΙ ΤΗ ΣΥΣΤΑΣΗ ΤΗΝ ΕΠΙΚΕΙΜΕΝΗΝ ΤΟΥ

Ο κ. Κανελλόπουλος και ο κ. Στεφανόπουλος επεσκέφθησαν χθες τους πρεσβευτάς Αμερικής και Αγγλίας. Κατά τας συνομιλίας εξητάσθη η πολιτική κατάστασις και η ανάγκη συνεργασίας των κομμάτων δια την αντιμετώπισιν των προβλημάτων της χώρας. Κατόπιν των συναντήσεων τούτων ανεκοινώθη ότι επετεύχθη συμφωνία επί των βασικών σημείων και ότι αι διαπραγματεύσεις θα συνεχισθούν κατά τας προσεχείς ημέρας. Η Κυβέρνησις ανέμενε την έκβασιν των διαβουλεύσεων μετ' ενδιαφέροντος, ενώ εις τους πολιτικούς κύκλους επικρατεί η πεποίθησις ότι θα σχηματισθή ευρυτέρα κυβέρνησις. Αι επαφαί εξακολουθούν και σήμερον εις το Υπουργείον των Εξωτερικών.

ΑΥΞΗΜΕΝΑΙ ΤΑ ΚΟΜΙΣΤΡΑ ΤΩΝ ΑΥΤΟΚΙΝΗΤΩΝ ΤΑΞΙ

Ο κ. Κανελλόπουλος και ο κ. Στεφανόπουλος επεσκέφθησαν χθες τους πρεσβευτάς Αμερικής και Αγγλίας. Κατά τας συνομιλίας εξητάσθη η πολιτική κατάστασις και η ανάγκη συνεργασίας των κομμάτων δια την αντιμετώπισιν των προβλημάτων της χώρας. Κατόπιν των συναντήσεων τούτων ανεκοινώθη ότι επετεύχθη συμφωνία επί των βασικών σημείων και ότι αι διαπραγματεύσεις θα συνεχισθούν κατά τας προσεχείς ημέρας. Η Κυβέρνησις ανέμενε την έκβασιν των διαβουλεύσεων μετ' ενδιαφέροντος, ενώ εις τους πολιτικούς κύκλους επικρατεί η πεποίθησις ότι θα σχηματισθή ευρυτέρα κυβέρνησις. Αι επαφαί εξακολουθούν και σήμερον εις το Υπουργείον των Εξωτερικών.

Ο κ. Κανελλόπουλος και ο κ. Στεφανόπουλος επεσκέφθησαν χθες τους πρεσβευτάς Αμερικής και Αγγλίας. Κατά τας συνομιλίας εξητάσθη η πολιτική κατάστασις και η ανάγκη συνεργασίας των κομμάτων δια την αντιμετώπισιν των προβλημάτων της χώρας. Κατόπιν των συναντήσεων τούτων ανεκοινώθη ότι επετεύχθη συμφωνία επί των βασικών σημείων και ότι αι διαπραγματεύσεις θα συνεχισθούν κατά τας προσεχείς ημέρας. Η Κυβέρνησις ανέμενε την έκβασιν των διαβουλεύσεων μετ' ενδιαφέροντος, ενώ εις τους πολιτικούς κύκλους επικρατεί η πεποίθησις ότι θα σχηματισθή ευρυτέρα κυβέρνησις. Αι επαφαί εξακολουθούν και σήμερον εις το Υπουργείον των Εξωτερικών.

Η ΣΥΖΗΤΗΣΙΣ ΤΗΣ ΗΜΕΡΑΣ

Ο κ. Κανελλόπουλος και ο κ. Στεφανόπουλος επεσκέφθησαν χθες τους πρεσβευτάς Αμερικής και Αγγλίας. Κατά τας συνομιλίας εξητάσθη η πολιτική κατάστασις και η ανάγκη συνεργασίας των κομμάτων δια την αντιμετώπισιν των προβλημάτων της χώρας. Κατόπιν των συναντήσεων τούτων ανεκοινώθη ότι επετεύχθη συμφωνία επί των βασικών σημείων και ότι αι διαπραγματεύσεις θα συνεχισθούν κατά τας προσεχείς ημέρας. Η Κυβέρνησις ανέμενε την έκβασιν των διαβουλεύσεων μετ' ενδιαφέροντος, ενώ εις τους πολιτικούς κύκλους επικρατεί η πεποίθησις ότι θα σχηματισθή ευρυτέρα κυβέρνησις. Αι επαφαί εξακολουθούν και σήμερον εις το Υπουργείον των Εξωτερικών.

Η ΣΥΝΕΔΡΙΑΣΙΣ ΤΟΥ ΣΩΜΑΤΟΣ

Ο κ. Κανελλόπουλος και ο κ. Στεφανόπουλος επεσκέφθησαν χθες τους πρεσβευτάς Αμερικής και Αγγλίας. Κατά τας συνομιλίας εξητάσθη η πολιτική κατάστασις και η ανάγκη συνεργασίας των κομμάτων δια την αντιμετώπισιν των προβλημάτων της χώρας. Κατόπιν των συναντήσεων τούτων ανεκοινώθη ότι επετεύχθη συμφωνία επί των βασικών σημείων και ότι αι διαπραγματεύσεις θα συνεχισθούν κατά τας προσεχείς ημέρας. Η Κυβέρνησις ανέμενε την έκβασιν των διαβουλεύσεων μετ' ενδιαφέροντος, ενώ εις τους πολιτικούς κύκλους επικρατεί η πεποίθησις ότι θα σχηματισθή ευρυτέρα κυβέρνησις. Αι επαφαί εξακολουθούν και σήμερον εις το Υπουργείον των Εξωτερικών.

Ο κ. Κανελλόπουλος και ο κ. Στεφανόπουλος επεσκέφθησαν χθες τους πρεσβευτάς Αμερικής και Αγγλίας. Κατά τας συνομιλίας εξητάσθη η πολιτική κατάστασις και η ανάγκη συνεργασίας των κομμάτων δια την αντιμετώπισιν των προβλημάτων της χώρας. Κατόπιν των συναντήσεων τούτων ανεκοινώθη ότι επετεύχθη συμφωνία επί των βασικών σημείων και ότι αι διαπραγματεύσεις θα συνεχισθούν κατά τας προσεχείς ημέρας. Η Κυβέρνησις ανέμενε την έκβασιν των διαβουλεύσεων μετ' ενδιαφέροντος, ενώ εις τους πολιτικούς κύκλους επικρατεί η πεποίθησις ότι θα σχηματισθή ευρυτέρα κυβέρνησις. Αι επαφαί εξακολουθούν και σήμερον εις το Υπουργείον των Εξωτερικών.

Η ΚΙΝΗΤΟΠΟΙΗΣΙΣ ΤΗΣ ΑΜΕΡΙΚΗΣ Θ' ΑΝΑΓΓΕΛΘΗ ΔΙΑ ΤΟΥ ΛΟΓΟΥ ΤΟΥ κ. ΤΡΟΥΜΑΝ ΣΗΜΕΡΟΝ
ΟΥΑΣΙΓΚΤΩΝ, 14.

Ο κ. Κανελλόπουλος και ο κ. Στεφανόπουλος επεσκέφθησαν χθες τους πρεσβευτάς Αμερικής και Αγγλίας. Κατά τας συνομιλίας εξητάσθη η πολιτική κατάστασις και η ανάγκη συνεργασίας των κομμάτων δια την αντιμετώπισιν των προβλημάτων της χώρας. Κατόπιν των συναντήσεων τούτων ανεκοινώθη ότι επετεύχθη συμφωνία επί των βασικών σημείων και ότι αι διαπραγματεύσεις θα συνεχισθούν κατά τας προσεχείς ημέρας. Η Κυβέρνησις ανέμενε την έκβασιν των διαβουλεύσεων μετ' ενδιαφέροντος, ενώ εις τους πολιτικούς κύκλους επικρατεί η πεποίθησις ότι θα σχηματισθή ευρυτέρα κυβέρνησις. Αι επαφαί εξακολουθούν και σήμερον εις το Υπουργείον των Εξωτερικών.

Ο κ. Κανελλόπουλος και ο κ. Στεφανόπουλος επεσκέφθησαν χθες τους πρεσβευτάς Αμερικής και Αγγλίας. Κατά τας συνομιλίας εξητάσθη η πολιτική κατάστασις και η ανάγκη συνεργασίας των κομμάτων δια την αντιμετώπισιν των προβλημάτων της χώρας. Κατόπιν των συναντήσεων τούτων ανεκοινώθη ότι επετεύχθη συμφωνία επί των βασικών σημείων και ότι αι διαπραγματεύσεις θα συνεχισθούν κατά τας προσεχείς ημέρας. Η Κυβέρνησις ανέμενε την έκβασιν των διαβουλεύσεων μετ' ενδιαφέροντος, ενώ εις τους πολιτικούς κύκλους επικρατεί η πεποίθησις ότι θα σχηματισθή ευρυτέρα κυβέρνησις. Αι επαφαί εξακολουθούν και σήμερον εις το Υπουργείον των Εξωτερικών.

Η ΑΝΤΑΛΛΑΓΗ ΠΡΕΣΒΕΥΤΩΝ ΜΕΤΑΞΥ ΕΛΛΑΔΟΣ ΚΑΙ ΓΙΟΥΓΚΟΣΛΑΥΙΑΣ

Ο κ. Κανελλόπουλος και ο κ. Στεφανόπουλος επεσκέφθησαν χθες τους πρεσβευτάς Αμερικής και Αγγλίας. Κατά τας συνομιλίας εξητάσθη η πολιτική κατάστασις και η ανάγκη συνεργασίας των κομμάτων δια την αντιμετώπισιν των προβλημάτων της χώρας. Κατόπιν των συναντήσεων τούτων ανεκοινώθη ότι επετεύχθη συμφωνία επί των βασικών σημείων και ότι αι διαπραγματεύσεις θα συνεχισθούν κατά τας προσεχείς ημέρας. Η Κυβέρνησις ανέμενε την έκβασιν των διαβουλεύσεων μετ' ενδιαφέροντος, ενώ εις τους πολιτικούς κύκλους επικρατεί η πεποίθησις ότι θα σχηματισθή ευρυτέρα κυβέρνησις. Αι επαφαί εξακολουθούν και σήμερον εις το Υπουργείον των Εξωτερικών.

ΣΥΝΕΧΙΖΕΤΑΙ Η ΦΟΙΤΗΤΙΚΗ ΑΠΕΡΓΙΑ
ΥΠΟΣΧΕΣΕΙΣ ΠΕΡΙ ΕΛΑΤΤΩΣΕΩΣ ΤΩΝ ΔΙΔΑΚΤΡΩΝ ΜΕΛΛΟΝΤΙΚΩΣ

Ο κ. Κανελλόπουλος και ο κ. Στεφανόπουλος επεσκέφθησαν χθες τους πρεσβευτάς Αμερικής και Αγγλίας. Κατά τας συνομιλίας εξητάσθη η πολιτική κατάστασις και η ανάγκη συνεργασίας των κομμάτων δια την αντιμετώπισιν των προβλημάτων της χώρας. Κατόπιν των συναντήσεων τούτων ανεκοινώθη ότι επετεύχθη συμφωνία επί των βασικών σημείων και ότι αι διαπραγματεύσεις θα συνεχισθούν κατά τας προσεχείς ημέρας. Η Κυβέρνησις ανέμενε την έκβασιν των διαβουλεύσεων μετ' ενδιαφέροντος, ενώ εις τους πολιτικούς κύκλους επικρατεί η πεποίθησις ότι θα σχηματισθή ευρυτέρα κυβέρνησις. Αι επαφαί εξακολουθούν και σήμερον εις το Υπουργείον των Εξωτερικών.

ΔΙΑΒΕΒΑΙΩΣΕΙΣ ΤΟΥ κ. ΒΕΝΙΖΕΛΟΥ

Ο κ. Κανελλόπουλος και ο κ. Στεφανόπουλος επεσκέφθησαν χθες τους πρεσβευτάς Αμερικής και Αγγλίας. Κατά τας συνομιλίας εξητάσθη η πολιτική κατάστασις και η ανάγκη συνεργασίας των κομμάτων δια την αντιμετώπισιν των προβλημάτων της χώρας. Κατόπιν των συναντήσεων τούτων ανεκοινώθη ότι επετεύχθη συμφωνία επί των βασικών σημείων και ότι αι διαπραγματεύσεις θα συνεχισθούν κατά τας προσεχείς ημέρας. Η Κυβέρνησις ανέμενε την έκβασιν των διαβουλεύσεων μετ' ενδιαφέροντος, ενώ εις τους πολιτικούς κύκλους επικρατεί η πεποίθησις ότι θα σχηματισθή ευρυτέρα κυβέρνησις. Αι επαφαί εξακολουθούν και σήμερον εις το Υπουργείον των Εξωτερικών.

Ο κ. Κανελλόπουλος και ο κ. Στεφανόπουλος επεσκέφθησαν χθες τους πρεσβευτάς Αμερικής και Αγγλίας. Κατά τας συνομιλίας εξητάσθη η πολιτική κατάστασις και η ανάγκη συνεργασίας των κομμάτων δια την αντιμετώπισιν των προβλημάτων της χώρας. Κατόπιν των συναντήσεων τούτων ανεκοινώθη ότι επετεύχθη συμφωνία επί των βασικών σημείων και ότι αι διαπραγματεύσεις θα συνεχισθούν κατά τας προσεχείς ημέρας. Η Κυβέρνησις ανέμενε την έκβασιν των διαβουλεύσεων μετ' ενδιαφέροντος, ενώ εις τους πολιτικούς κύκλους επικρατεί η πεποίθησις ότι θα σχηματισθή ευρυτέρα κυβέρνησις. Αι επαφαί εξακολουθούν και σήμερον εις το Υπουργείον των Εξωτερικών.

ΜΙΑ ΑΝΑΣΚΟΠΗΣΙΣ ΤΟΥ κ. ΠΛΑΚΟΠΟΥΛΟΥ
ΟΙ ΦΟΙΤΗΤΑΙ ΠΑΡΕΛΘΟΝΤΩΝ ΕΤΩΝ

Ο κ. Κανελλόπουλος και ο κ. Στεφανόπουλος επεσκέφθησαν χθες τους πρεσβευτάς Αμερικής και Αγγλίας. Κατά τας συνομιλίας εξητάσθη η πολιτική κατάστασις και η ανάγκη συνεργασίας των κομμάτων δια την αντιμετώπισιν των προβλημάτων της χώρας. Κατόπιν των συναντήσεων τούτων ανεκοινώθη ότι επετεύχθη συμφωνία επί των βασικών σημείων και ότι αι διαπραγματεύσεις θα συνεχισθούν κατά τας προσεχείς ημέρας. Η Κυβέρνησις ανέμενε την έκβασιν των διαβουλεύσεων μετ' ενδιαφέροντος, ενώ εις τους πολιτικούς κύκλους επικρατεί η πεποίθησις ότι θα σχηματισθή ευρυτέρα κυβέρνησις. Αι επαφαί εξακολουθούν και σήμερον εις το Υπουργείον των Εξωτερικών.

Η ΒΡΕΤΑΝΝΙΚΗ ΒΟΥΛΗ ΥΠΕΡ ΕΙΡΗΝΙΚΗΣ ΛΥΣΕΩΣ
ΣΥΝΕΧΕΙΑ ΕΚ ΤΗΣ 1ης ΣΕΛΙΔΟΣ

Ο κ. Κανελλόπουλος και ο κ. Στεφανόπουλος επεσκέφθησαν χθες τους πρεσβευτάς Αμερικής και Αγγλίας. Κατά τας συνομιλίας εξητάσθη η πολιτική κατάστασις και η ανάγκη συνεργασίας των κομμάτων δια την αντιμετώπισιν των προβλημάτων της χώρας. Κατόπιν των συναντήσεων τούτων ανεκοινώθη ότι επετεύχθη συμφωνία επί των βασικών σημείων και ότι αι διαπραγματεύσεις θα συνεχισθούν κατά τας προσεχείς ημέρας. Η Κυβέρνησις ανέμενε την έκβασιν των διαβουλεύσεων μετ' ενδιαφέροντος, ενώ εις τους πολιτικούς κύκλους επικρατεί η πεποίθησις ότι θα σχηματισθή ευρυτέρα κυβέρνησις. Αι επαφαί εξακολουθούν και σήμερον εις το Υπουργείον των Εξωτερικών.

Η ΑΜΥΝΑ ΤΗΣ ΔΥΣΕΩΣ

Ο κ. Κανελλόπουλος και ο κ. Στεφανόπουλος επεσκέφθησαν χθες τους πρεσβευτάς Αμερικής και Αγγλίας. Κατά τας συνομιλίας εξητάσθη η πολιτική κατάστασις και η ανάγκη συνεργασίας των κομμάτων δια την αντιμετώπισιν των προβλημάτων της χώρας. Κατόπιν των συναντήσεων τούτων ανεκοινώθη ότι επετεύχθη συμφωνία επί των βασικών σημείων και ότι αι διαπραγματεύσεις θα συνεχισθούν κατά τας προσεχείς ημέρας. Η Κυβέρνησις ανέμενε την έκβασιν των διαβουλεύσεων μετ' ενδιαφέροντος, ενώ εις τους πολιτικούς κύκλους επικρατεί η πεποίθησις ότι θα σχηματισθή ευρυτέρα κυβέρνησις. Αι επαφαί εξακολουθούν και σήμερον εις το Υπουργείον των Εξωτερικών.

Ο ΛΟΓΟΣ ΤΟΥ κ. ΤΣΩΡΤΣΙΛ

Ο κ. Κανελλόπουλος και ο κ. Στεφανόπουλος επεσκέφθησαν χθες τους πρεσβευτάς Αμερικής και Αγγλίας. Κατά τας συνομιλίας εξητάσθη η πολιτική κατάστασις και η ανάγκη συνεργασίας των κομμάτων δια την αντιμετώπισιν των προβλημάτων της χώρας. Κατόπιν των συναντήσεων τούτων ανεκοινώθη ότι επετεύχθη συμφωνία επί των βασικών σημείων και ότι αι διαπραγματεύσεις θα συνεχισθούν κατά τας προσεχείς ημέρας. Η Κυβέρνησις ανέμενε την έκβασιν των διαβουλεύσεων μετ' ενδιαφέροντος, ενώ εις τους πολιτικούς κύκλους επικρατεί η πεποίθησις ότι θα σχηματισθή ευρυτέρα κυβέρνησις. Αι επαφαί εξακολουθούν και σήμερον εις το Υπουργείον των Εξωτερικών.

Ο κ. Κανελλόπουλος και ο κ. Στεφανόπουλος επεσκέφθησαν χθες τους πρεσβευτάς Αμερικής και Αγγλίας. Κατά τας συνομιλίας εξητάσθη η πολιτική κατάστασις και η ανάγκη συνεργασίας των κομμάτων δια την αντιμετώπισιν των προβλημάτων της χώρας. Κατόπιν των συναντήσεων τούτων ανεκοινώθη ότι επετεύχθη συμφωνία επί των βασικών σημείων και ότι αι διαπραγματεύσεις θα συνεχισθούν κατά τας προσεχείς ημέρας. Η Κυβέρνησις ανέμενε την έκβασιν των διαβουλεύσεων μετ' ενδιαφέροντος, ενώ εις τους πολιτικούς κύκλους επικρατεί η πεποίθησις ότι θα σχηματισθή ευρυτέρα κυβέρνησις. Αι επαφαί εξακολουθούν και σήμερον εις το Υπουργείον των Εξωτερικών.

Ο κ. Κανελλόπουλος και ο κ. Στεφανόπουλος επεσκέφθησαν χθες τους πρεσβευτάς Αμερικής και Αγγλίας. Κατά τας συνομιλίας εξητάσθη η πολιτική κατάστασις και η ανάγκη συνεργασίας των κομμάτων δια την αντιμετώπισιν των προβλημάτων της χώρας. Κατόπιν των συναντήσεων τούτων ανεκοινώθη ότι επετεύχθη συμφωνία επί των βασικών σημείων και ότι αι διαπραγματεύσεις θα συνεχισθούν κατά τας προσεχείς ημέρας. Η Κυβέρνησις ανέμενε την έκβασιν των διαβουλεύσεων μετ' ενδιαφέροντος, ενώ εις τους πολιτικούς κύκλους επικρατεί η πεποίθησις ότι θα σχηματισθή ευρυτέρα κυβέρνησις. Αι επαφαί εξακολουθούν και σήμερον εις το Υπουργείον των Εξωτερικών.

ΑΝΕΠΑΡΚΕΙΣ ΑΙ ΒΕΒΑΙΩΣΕΙΣ ΤΟΥ κ. ΑΤΤΛΗ ΔΙΑ ΤΗΝ ΑΤΟΜΙΚΗΝ ΒΟΜΒΑΝ

Ο κ. Κανελλόπουλος και ο κ. Στεφανόπουλος επεσκέφθησαν χθες τους πρεσβευτάς Αμερικής και Αγγλίας. Κατά τας συνομιλίας εξητάσθη η πολιτική κατάστασις και η ανάγκη συνεργασίας των κομμάτων δια την αντιμετώπισιν των προβλημάτων της χώρας. Κατόπιν των συναντήσεων τούτων ανεκοινώθη ότι επετεύχθη συμφωνία επί των βασικών σημείων και ότι αι διαπραγματεύσεις θα συνεχισθούν κατά τας προσεχείς ημέρας. Η Κυβέρνησις ανέμενε την έκβασιν των διαβουλεύσεων μετ' ενδιαφέροντος, ενώ εις τους πολιτικούς κύκλους επικρατεί η πεποίθησις ότι θα σχηματισθή ευρυτέρα κυβέρνησις. Αι επαφαί εξακολουθούν και σήμερον εις το Υπουργείον των Εξωτερικών.

ΑΝΑΚΑΤΑΝΟΜΗ ΤΟΥ ΦΟΡΟΥ ΤΗΣ ΙΣΟΚΤΗΤΗ ΛΑΟΙΟΥ ΥΠΕΡ ΤΩΝ ΖΕΝΗΘΕΝΤΩΝ

Ο κ. Κανελλόπουλος και ο κ. Στεφανόπουλος επεσκέφθησαν χθες τους πρεσβευτάς Αμερικής και Αγγλίας. Κατά τας συνομιλίας εξητάσθη η πολιτική κατάστασις και η ανάγκη συνεργασίας των κομμάτων δια την αντιμετώπισιν των προβλημάτων της χώρας. Κατόπιν των συναντήσεων τούτων ανεκοινώθη ότι επετεύχθη συμφωνία επί των βασικών σημείων και ότι αι διαπραγματεύσεις θα συνεχισθούν κατά τας προσεχείς ημέρας. Η Κυβέρνησις ανέμενε την έκβασιν των διαβουλεύσεων μετ' ενδιαφέροντος, ενώ εις τους πολιτικούς κύκλους επικρατεί η πεποίθησις ότι θα σχηματισθή ευρυτέρα κυβέρνησις. Αι επαφαί εξακολουθούν και σήμερον εις το Υπουργείον των Εξωτερικών.

ΕΛΛΗΝΙΚΟΝ ΣΚΑΦΟΣ ΚΙΝΔΥΝΕΥΕΙ Η ΒΥΘΙΣΙΣ ΕΙΣ ΤΟΝ ΑΤΛΑΝΤΙΚΟΝ

Ο κ. Κανελλόπουλος και ο κ. Στεφανόπουλος επεσκέφθησαν χθες τους πρεσβευτάς Αμερικής και Αγγλίας. Κατά τας συνομιλίας εξητάσθη η πολιτική κατάστασις και η ανάγκη συνεργασίας των κομμάτων δια την αντιμετώπισιν των προβλημάτων της χώρας. Κατόπιν των συναντήσεων τούτων ανεκοινώθη ότι επετεύχθη συμφωνία επί των βασικών σημείων και ότι αι διαπραγματεύσεις θα συνεχισθούν κατά τας προσεχείς ημέρας. Η Κυβέρνησις ανέμενε την έκβασιν των διαβουλεύσεων μετ' ενδιαφέροντος, ενώ εις τους πολιτικούς κύκλους επικρατεί η πεποίθησις ότι θα σχηματισθή ευρυτέρα κυβέρνησις. Αι επαφαί εξακολουθούν και σήμερον εις το Υπουργείον των Εξωτερικών.

ΤΑΡΑΞΙΑΣ ΣΤΡΑΤΙΩΤΗΣ ΔΗΜΙΟΥΡΓΕΙ ΣΗΜΕΙΑ ΕΙΣ ΕΝΑ ΟΙΝΟΜΑΓΕΙΡΙΟΝ

Ο κ. Κανελλόπουλος και ο κ. Στεφανόπουλος επεσκέφθησαν χθες τους πρεσβευτάς Αμερικής και Αγγλίας. Κατά τας συνομιλίας εξητάσθη η πολιτική κατάστασις και η ανάγκη συνεργασίας των κομμάτων δια την αντιμετώπισιν των προβλημάτων της χώρας. Κατόπιν των συναντήσεων τούτων ανεκοινώθη ότι επετεύχθη συμφωνία επί των βασικών σημείων και ότι αι διαπραγματεύσεις θα συνεχισθούν κατά τας προσεχείς ημέρας. Η Κυβέρνησις ανέμενε την έκβασιν των διαβουλεύσεων μετ' ενδιαφέροντος, ενώ εις τους πολιτικούς κύκλους επικρατεί η πεποίθησις ότι θα σχηματισθή ευρυτέρα κυβέρνησις. Αι επαφαί εξακολουθούν και σήμερον εις το Υπουργείον των Εξωτερικών.
